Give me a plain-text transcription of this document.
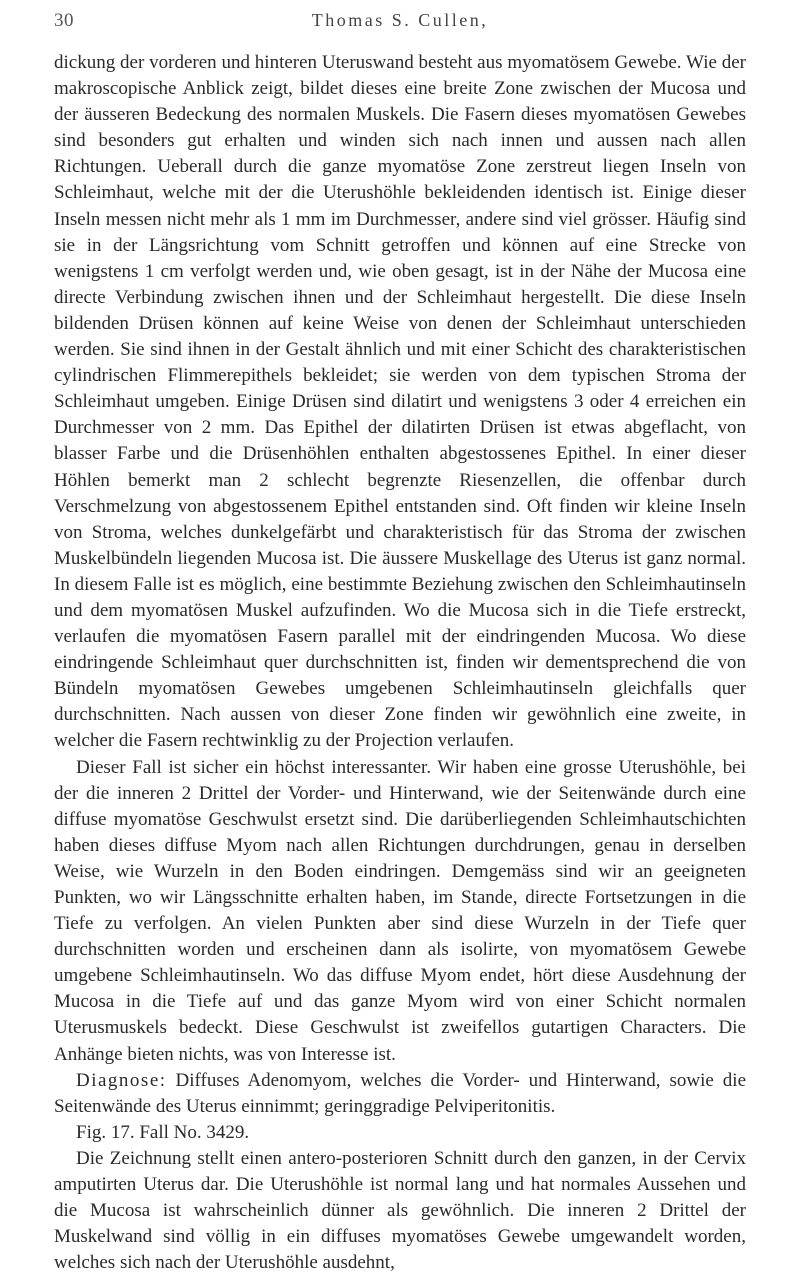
30	Thomas S. Cullen,

dickung der vorderen und hinteren Uteruswand besteht aus myomatösem Gewebe. Wie der makroscopische Anblick zeigt, bildet dieses eine breite Zone zwischen der Mucosa und der äusseren Bedeckung des normalen Muskels. Die Fasern dieses myomatösen Gewebes sind besonders gut erhalten und winden sich nach innen und aussen nach allen Richtungen. Ueberall durch die ganze myomatöse Zone zerstreut liegen Inseln von Schleimhaut, welche mit der die Uterushöhle bekleidenden identisch ist. Einige dieser Inseln messen nicht mehr als 1 mm im Durchmesser, andere sind viel grösser. Häufig sind sie in der Längsrichtung vom Schnitt getroffen und können auf eine Strecke von wenigstens 1 cm verfolgt werden und, wie oben gesagt, ist in der Nähe der Mucosa eine directe Verbindung zwischen ihnen und der Schleimhaut hergestellt. Die diese Inseln bildenden Drüsen können auf keine Weise von denen der Schleimhaut unterschieden werden. Sie sind ihnen in der Gestalt ähnlich und mit einer Schicht des charakteristischen cylindrischen Flimmerepithels bekleidet; sie werden von dem typischen Stroma der Schleimhaut umgeben. Einige Drüsen sind dilatirt und wenigstens 3 oder 4 erreichen ein Durchmesser von 2 mm. Das Epithel der dilatirten Drüsen ist etwas abgeflacht, von blasser Farbe und die Drüsenhöhlen enthalten abgestossenes Epithel. In einer dieser Höhlen bemerkt man 2 schlecht begrenzte Riesenzellen, die offenbar durch Verschmelzung von abgestossenem Epithel entstanden sind. Oft finden wir kleine Inseln von Stroma, welches dunkelgefärbt und charakteristisch für das Stroma der zwischen Muskelbündeln liegenden Mucosa ist. Die äussere Muskellage des Uterus ist ganz normal. In diesem Falle ist es möglich, eine bestimmte Beziehung zwischen den Schleimhautinseln und dem myomatösen Muskel aufzufinden. Wo die Mucosa sich in die Tiefe erstreckt, verlaufen die myomatösen Fasern parallel mit der eindringenden Mucosa. Wo diese eindringende Schleimhaut quer durchschnitten ist, finden wir dementsprechend die von Bündeln myomatösen Gewebes umgebenen Schleimhautinseln gleichfalls quer durchschnitten. Nach aussen von dieser Zone finden wir gewöhnlich eine zweite, in welcher die Fasern rechtwinklig zu der Projection verlaufen.

Dieser Fall ist sicher ein höchst interessanter. Wir haben eine grosse Uterushöhle, bei der die inneren 2 Drittel der Vorder- und Hinterwand, wie der Seitenwände durch eine diffuse myomatöse Geschwulst ersetzt sind. Die darüberliegenden Schleimhautschichten haben dieses diffuse Myom nach allen Richtungen durchdrungen, genau in derselben Weise, wie Wurzeln in den Boden eindringen. Demgemäss sind wir an geeigneten Punkten, wo wir Längsschnitte erhalten haben, im Stande, directe Fortsetzungen in die Tiefe zu verfolgen. An vielen Punkten aber sind diese Wurzeln in der Tiefe quer durchschnitten worden und erscheinen dann als isolirte, von myomatösem Gewebe umgebene Schleimhautinseln. Wo das diffuse Myom endet, hört diese Ausdehnung der Mucosa in die Tiefe auf und das ganze Myom wird von einer Schicht normalen Uterusmuskels bedeckt. Diese Geschwulst ist zweifellos gutartigen Characters. Die Anhänge bieten nichts, was von Interesse ist.

Diagnose: Diffuses Adenomyom, welches die Vorder- und Hinterwand, sowie die Seitenwände des Uterus einnimmt; geringgradige Pelviperitonitis.

Fig. 17. Fall No. 3429.

Die Zeichnung stellt einen antero-posterioren Schnitt durch den ganzen, in der Cervix amputirten Uterus dar. Die Uterushöhle ist normal lang und hat normales Aussehen und die Mucosa ist wahrscheinlich dünner als gewöhnlich. Die inneren 2 Drittel der Muskelwand sind völlig in ein diffuses myomatöses Gewebe umgewandelt worden, welches sich nach der Uterushöhle ausdehnt,
